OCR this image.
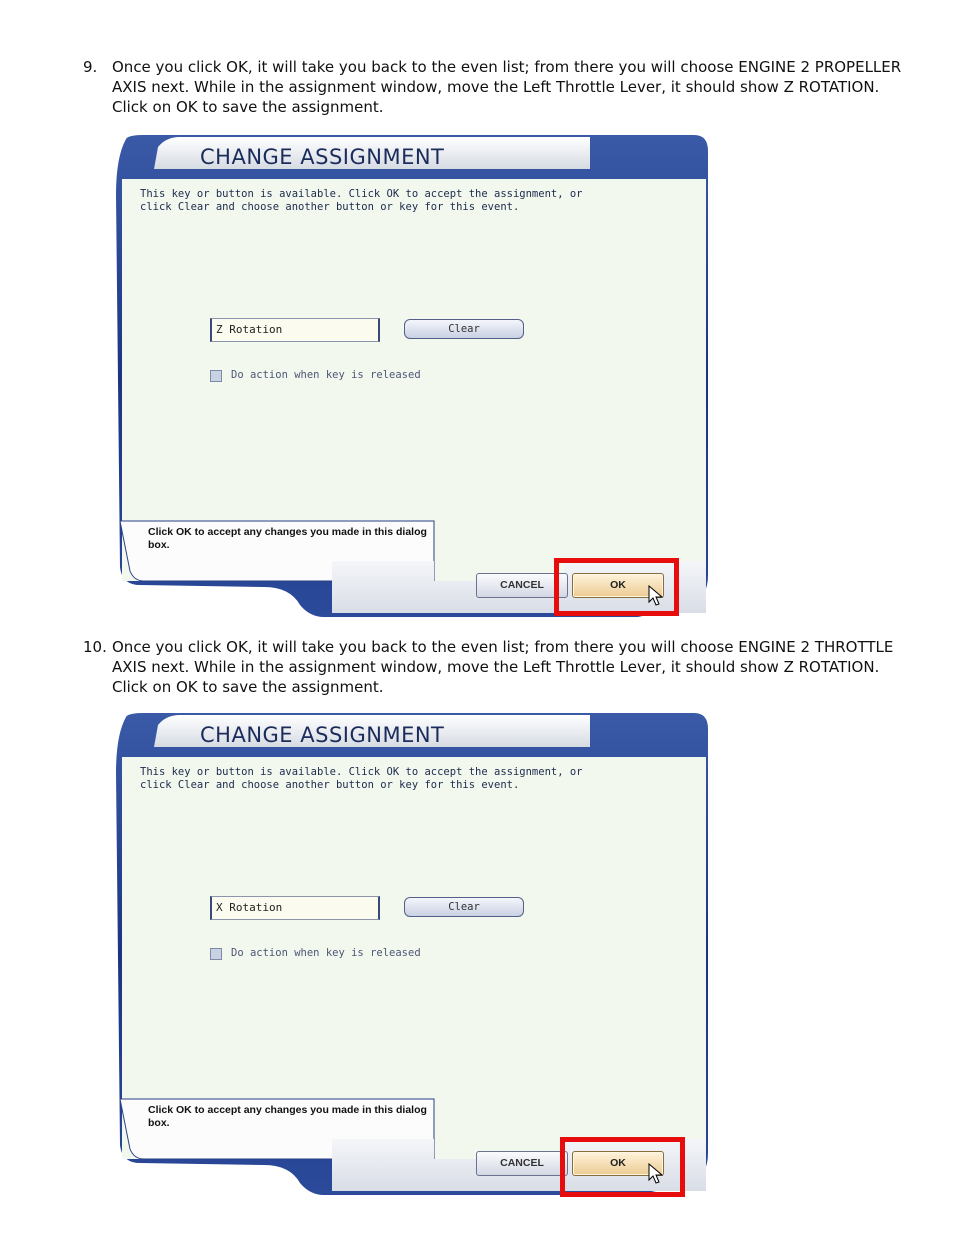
9. Once you click OK, it will take you back to the even list; from there you will choose ENGINE 2 PROPELLER AXIS next. While in the assignment window, move the Left Throttle Lever, it should show Z ROTATION. Click on OK to save the assignment.
CHANGE ASSIGNMENT
This key or button is available. Click OK to accept the assignment, or click Clear and choose another button or key for this event.
Z Rotation	Clear
Do action when key is released
Click OK to accept any changes you made in this dialog box.
CANCEL	OK
10. Once you click OK, it will take you back to the even list; from there you will choose ENGINE 2 THROTTLE AXIS next. While in the assignment window, move the Left Throttle Lever, it should show Z ROTATION. Click on OK to save the assignment.
CHANGE ASSIGNMENT
This key or button is available. Click OK to accept the assignment, or click Clear and choose another button or key for this event.
X Rotation	Clear
Do action when key is released
Click OK to accept any changes you made in this dialog box.
CANCEL	OK
